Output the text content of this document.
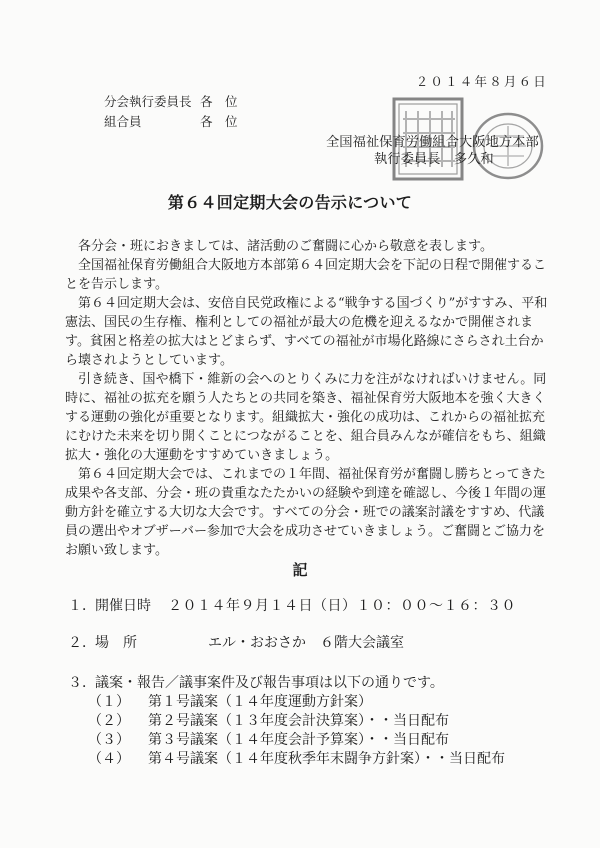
２０１４年８月６日
分会執行委員長 各　位
組合員	各　位
全国福祉保育労働組合大阪地方本部
執行委員長　多久和
第６４回定期大会の告示について

各分会・班におきましては、諸活動のご奮闘に心から敬意を表します。

全国福祉保育労働組合大阪地方本部第６４回定期大会を下記の日程で開催することを告示します。

第６４回定期大会は、安倍自民党政権による“戦争する国づくり”がすすみ、平和憲法、国民の生存権、権利としての福祉が最大の危機を迎えるなかで開催されます。貧困と格差の拡大はとどまらず、すべての福祉が市場化路線にさらされ土台から壊されようとしています。

引き続き、国や橋下・維新の会へのとりくみに力を注がなければいけません。同時に、福祉の拡充を願う人たちとの共同を築き、福祉保育労大阪地本を強く大きくする運動の強化が重要となります。組織拡大・強化の成功は、これからの福祉拡充にむけた未来を切り開くことにつながることを、組合員みんなが確信をもち、組織拡大・強化の大運動をすすめていきましょう。

第６４回定期大会では、これまでの１年間、福祉保育労が奮闘し勝ちとってきた成果や各支部、分会・班の貴重なたたかいの経験や到達を確認し、今後１年間の運動方針を確立する大切な大会です。すべての分会・班での議案討議をすすめ、代議員の選出やオブザーバー参加で大会を成功させていきましょう。ご奮闘とご協力をお願い致します。

記
１．開催日時 ２０１４年９月１４日（日）１０：００〜１６：３０
２．場　所	エル・おおさか　６階大会議室
３．議案・報告／議事案件及び報告事項は以下の通りです。
（１） 第１号議案（１４年度運動方針案）
（２） 第２号議案（１３年度会計決算案）・・当日配布
（３） 第３号議案（１４年度会計予算案）・・当日配布
（４） 第４号議案（１４年度秋季年末闘争方針案）・・当日配布
